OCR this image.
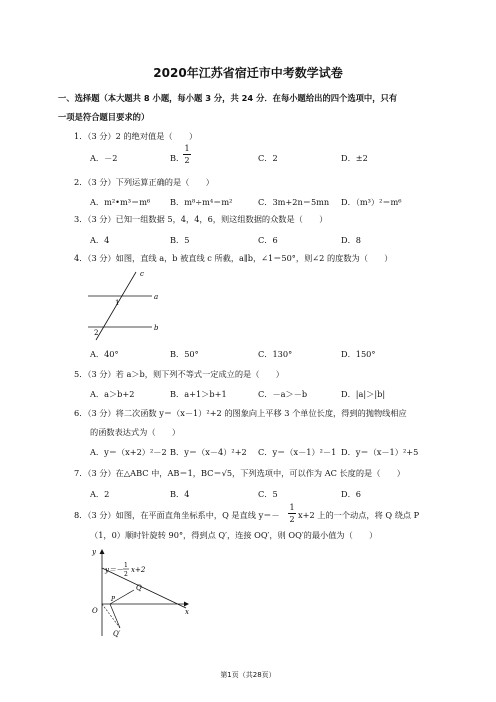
2020年江苏省宿迁市中考数学试卷
一、选择题（本大题共 8 小题，每小题 3 分，共 24 分．在每小题给出的四个选项中，只有
一项是符合题目要求的）
1．（3 分）2 的绝对值是（　　）
A．－2	B．
1
2	C．2	D．±2
2．（3 分）下列运算正确的是（　　）
A．m²•m³＝m⁶ B．m⁸÷m⁴＝m²	C．3m+2n＝5mn D．（m³）²＝m⁶
3．（3 分）已知一组数据 5，4，4，6，则这组数据的众数是（　　）
A．4	B．5	C．6	D．8
4．（3 分）如图，直线 a，b 被直线 c 所截，a∥b，∠1＝50°，则∠2 的度数为（　　）
c
a
b
1
2
A．40°	B．50°	C．130°	D．150°
5．（3 分）若 a＞b，则下列不等式一定成立的是（　　）
A．a＞b+2	B．a+1＞b+1	C．－a＞－b	D．|a|＞|b|
6．（3 分）将二次函数 y＝（x－1）²+2 的图象向上平移 3 个单位长度，得到的抛物线相应
的函数表达式为（　　）
A．y＝（x+2）²－2 B．y＝（x－4）²+2 C．y＝（x－1）²－1 D．y＝（x－1）²+5
7．（3 分）在△ABC 中，AB＝1，BC＝√5，下列选项中，可以作为 AC 长度的是（　　）
A．2	B．4	C．5	D．6
8．（3 分）如图，在平面直角坐标系中，Q 是直线 y＝－
1
2 x+2 上的一个动点，将 Q 绕点 P
（1，0）顺时针旋转 90°，得到点 Q′，连接 OQ′，则 OQ′的最小值为（　　）
y
x
O
P
Q
Q′
y＝－
1
2
x+2
第1页（共28页）
